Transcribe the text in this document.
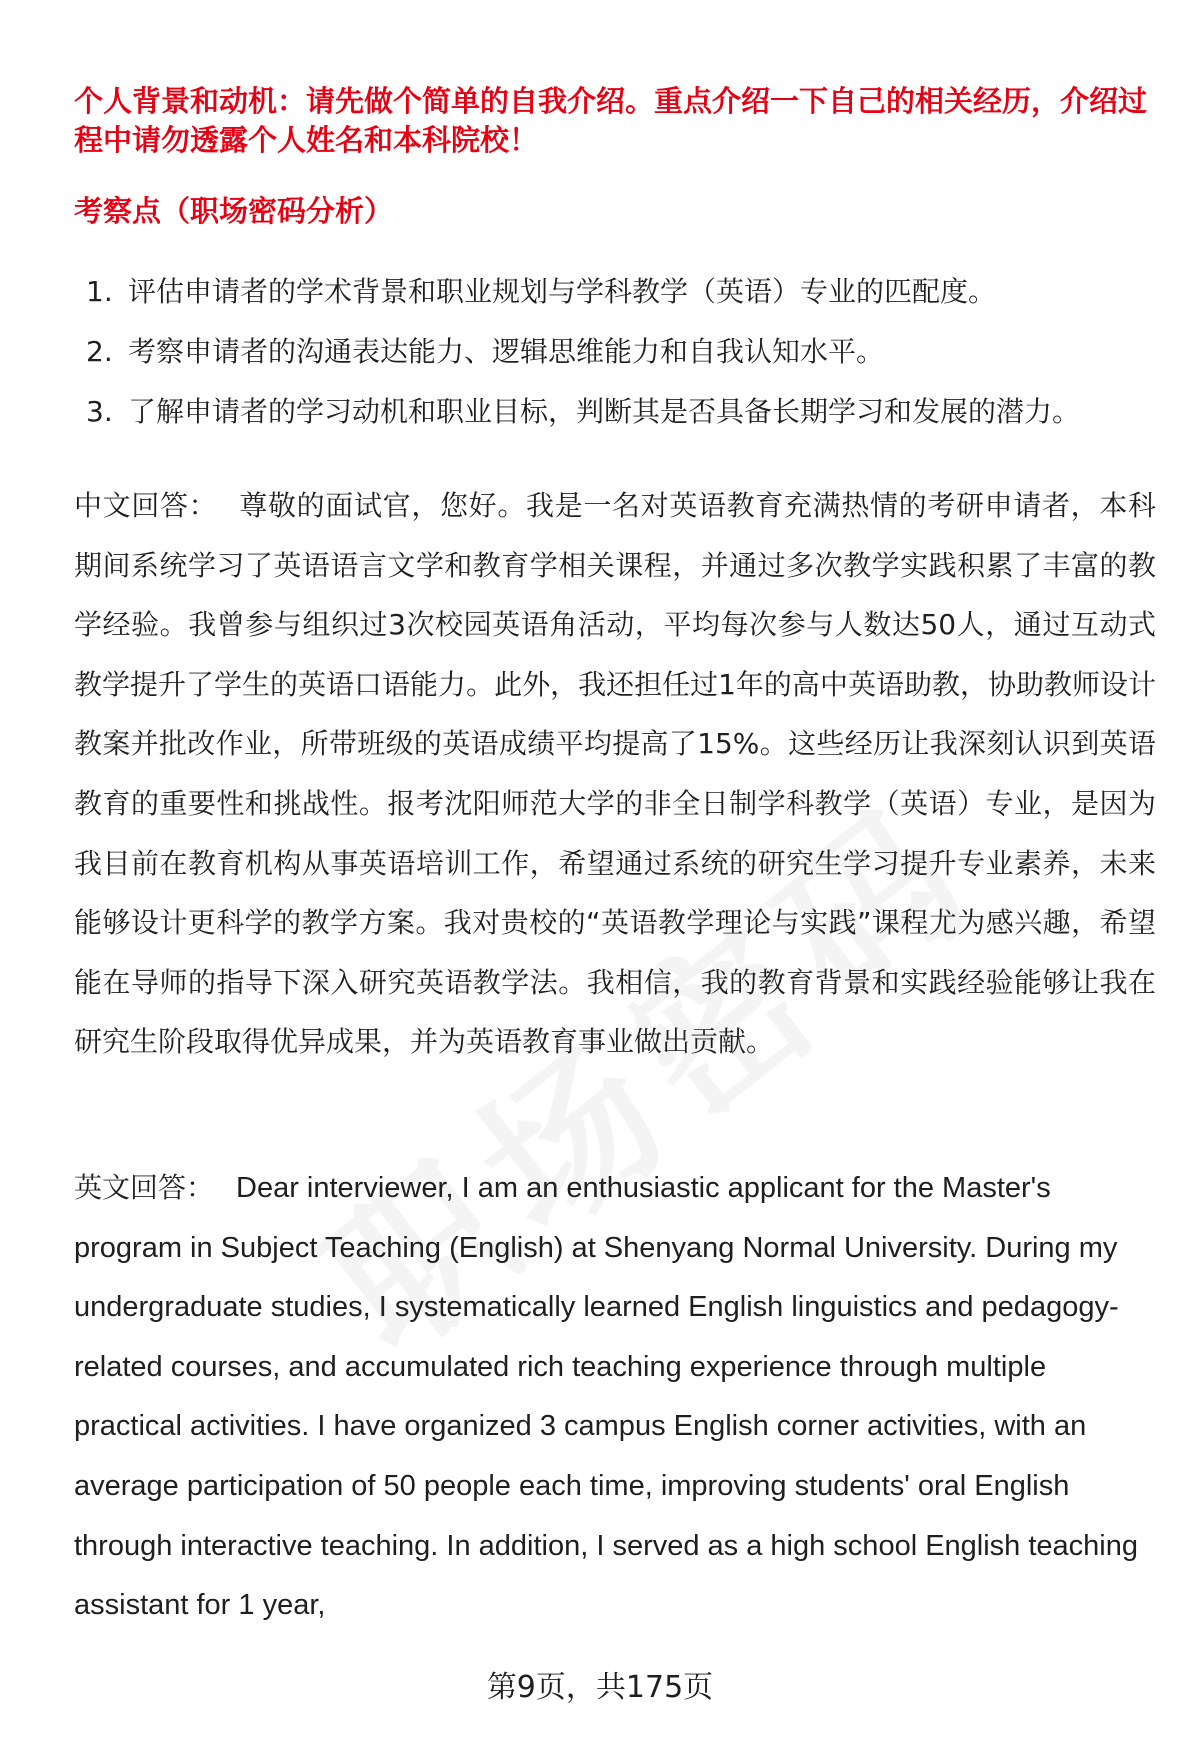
个人背景和动机：请先做个简单的自我介绍。重点介绍一下自己的相关经历，介绍过程中请勿透露个人姓名和本科院校！

考察点（职场密码分析）

1. 评估申请者的学术背景和职业规划与学科教学（英语）专业的匹配度。
2. 考察申请者的沟通表达能力、逻辑思维能力和自我认知水平。
3. 了解申请者的学习动机和职业目标，判断其是否具备长期学习和发展的潜力。

中文回答： 尊敬的面试官，您好。我是一名对英语教育充满热情的考研申请者，本科期间系统学习了英语语言文学和教育学相关课程，并通过多次教学实践积累了丰富的教学经验。我曾参与组织过3次校园英语角活动，平均每次参与人数达50人，通过互动式教学提升了学生的英语口语能力。此外，我还担任过1年的高中英语助教，协助教师设计教案并批改作业，所带班级的英语成绩平均提高了15%。这些经历让我深刻认识到英语教育的重要性和挑战性。报考沈阳师范大学的非全日制学科教学（英语）专业，是因为我目前在教育机构从事英语培训工作，希望通过系统的研究生学习提升专业素养，未来能够设计更科学的教学方案。我对贵校的“英语教学理论与实践”课程尤为感兴趣，希望能在导师的指导下深入研究英语教学法。我相信，我的教育背景和实践经验能够让我在研究生阶段取得优异成果，并为英语教育事业做出贡献。

英文回答： Dear interviewer, I am an enthusiastic applicant for the Master's program in Subject Teaching (English) at Shenyang Normal University. During my undergraduate studies, I systematically learned English linguistics and pedagogy-related courses, and accumulated rich teaching experience through multiple practical activities. I have organized 3 campus English corner activities, with an average participation of 50 people each time, improving students' oral English through interactive teaching. In addition, I served as a high school English teaching assistant for 1 year,

第9页，共175页
